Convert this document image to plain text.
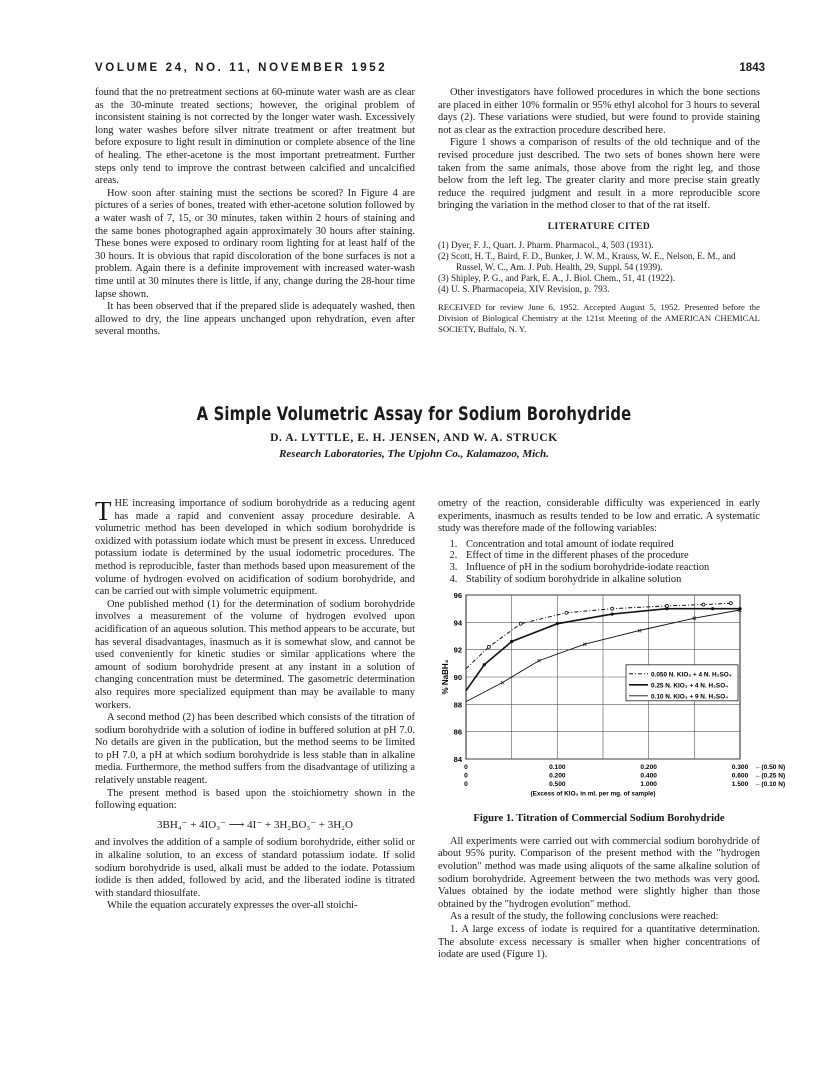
VOLUME 24, NO. 11, NOVEMBER 1952	1843

found that the no pretreatment sections at 60-minute water wash are as clear as the 30-minute treated sections; however, the original problem of inconsistent staining is not corrected by the longer water wash. Excessively long water washes before silver nitrate treatment or after treatment but before exposure to light result in diminution or complete absence of the line of healing. The ether-acetone is the most important pretreatment. Further steps only tend to improve the contrast between calcified and uncalcified areas.

How soon after staining must the sections be scored? In Figure 4 are pictures of a series of bones, treated with ether-acetone solution followed by a water wash of 7, 15, or 30 minutes, taken within 2 hours of staining and the same bones photographed again approximately 30 hours after staining. These bones were exposed to ordinary room lighting for at least half of the 30 hours. It is obvious that rapid discoloration of the bone surfaces is not a problem. Again there is a definite improvement with increased water-wash time until at 30 minutes there is little, if any, change during the 28-hour time lapse shown.

It has been observed that if the prepared slide is adequately washed, then allowed to dry, the line appears unchanged upon rehydration, even after several months.

Other investigators have followed procedures in which the bone sections are placed in either 10% formalin or 95% ethyl alcohol for 3 hours to several days (2). These variations were studied, but were found to provide staining not as clear as the extraction procedure described here.

Figure 1 shows a comparison of results of the old technique and of the revised procedure just described. The two sets of bones shown here were taken from the same animals, those above from the right leg, and those below from the left leg. The greater clarity and more precise stain greatly reduce the required judgment and result in a more reproducible score bringing the variation in the method closer to that of the rat itself.

LITERATURE CITED
(1) Dyer, F. J., Quart. J. Pharm. Pharmacol., 4, 503 (1931).
(2) Scott, H. T., Baird, F. D., Bunker, J. W. M., Krauss, W. E., Nelson, E. M., and Russel, W. C., Am. J. Pub. Health, 29, Suppl. 54 (1939).
(3) Shipley, P. G., and Park, E. A., J. Biol. Chem., 51, 41 (1922).
(4) U. S. Pharmacopeia, XIV Revision, p. 793.
RECEIVED for review June 6, 1952. Accepted August 5, 1952. Presented before the Division of Biological Chemistry at the 121st Meeting of the AMERICAN CHEMICAL SOCIETY, Buffalo, N. Y.
A Simple Volumetric Assay for Sodium Borohydride
D. A. LYTTLE, E. H. JENSEN, AND W. A. STRUCK
Research Laboratories, The Upjohn Co., Kalamazoo, Mich.

THE increasing importance of sodium borohydride as a reducing agent has made a rapid and convenient assay procedure desirable. A volumetric method has been developed in which sodium borohydride is oxidized with potassium iodate which must be present in excess. Unreduced potassium iodate is determined by the usual iodometric procedures. The method is reproducible, faster than methods based upon measurement of the volume of hydrogen evolved on acidification of sodium borohydride, and can be carried out with simple volumetric equipment.

One published method (1) for the determination of sodium borohydride involves a measurement of the volume of hydrogen evolved upon acidification of an aqueous solution. This method appears to be accurate, but has several disadvantages, inasmuch as it is somewhat slow, and cannot be used conveniently for kinetic studies or similar applications where the amount of sodium borohydride present at any instant in a solution of changing concentration must be determined. The gasometric determination also requires more specialized equipment than may be available to many workers.

A second method (2) has been described which consists of the titration of sodium borohydride with a solution of iodine in buffered solution at pH 7.0. No details are given in the publication, but the method seems to be limited to pH 7.0, a pH at which sodium borohydride is less stable than in alkaline media. Furthermore, the method suffers from the disadvantage of utilizing a relatively unstable reagent.

The present method is based upon the stoichiometry shown in the following equation:

3BH₄⁻ + 4IO₃⁻ ⟶ 4I⁻ + 3H₂BO₃⁻ + 3H₂O

and involves the addition of a sample of sodium borohydride, either solid or in alkaline solution, to an excess of standard potassium iodate. If solid sodium borohydride is used, alkali must be added to the iodate. Potassium iodide is then added, followed by acid, and the liberated iodine is titrated with standard thiosulfate.

While the equation accurately expresses the over-all stoichi-

ometry of the reaction, considerable difficulty was experienced in early experiments, inasmuch as results tended to be low and erratic. A systematic study was therefore made of the following variables:

1. Concentration and total amount of iodate required
2. Effect of time in the different phases of the procedure
3. Influence of pH in the sodium borohydride-iodate reaction
4. Stability of sodium borohydride in alkaline solution
84
86
88
90
92
94
96
% NaBH₄	×
×
×
×
×
×
0.050 N. KIO₃ + 4 N. H₂SO₄
0.25 N. KIO₃ + 4 N. H₂SO₄
0.10 N. KIO₃ + 9 N. H₂SO₄
0	0.100	0.200	0.300 ←(0.50 N)
0	0.200	0.400	0.600 ←(0.25 N)
0	0.500	1.000	1.500 ←(0.10 N)
(Excess of KIO₃ in ml. per mg. of sample)
Figure 1. Titration of Commercial Sodium Borohydride

All experiments were carried out with commercial sodium borohydride of about 95% purity. Comparison of the present method with the "hydrogen evolution" method was made using aliquots of the same alkaline solution of sodium borohydride. Agreement between the two methods was very good. Values obtained by the iodate method were slightly higher than those obtained by the "hydrogen evolution" method.

As a result of the study, the following conclusions were reached:

1. A large excess of iodate is required for a quantitative determination. The absolute excess necessary is smaller when higher concentrations of iodate are used (Figure 1).
